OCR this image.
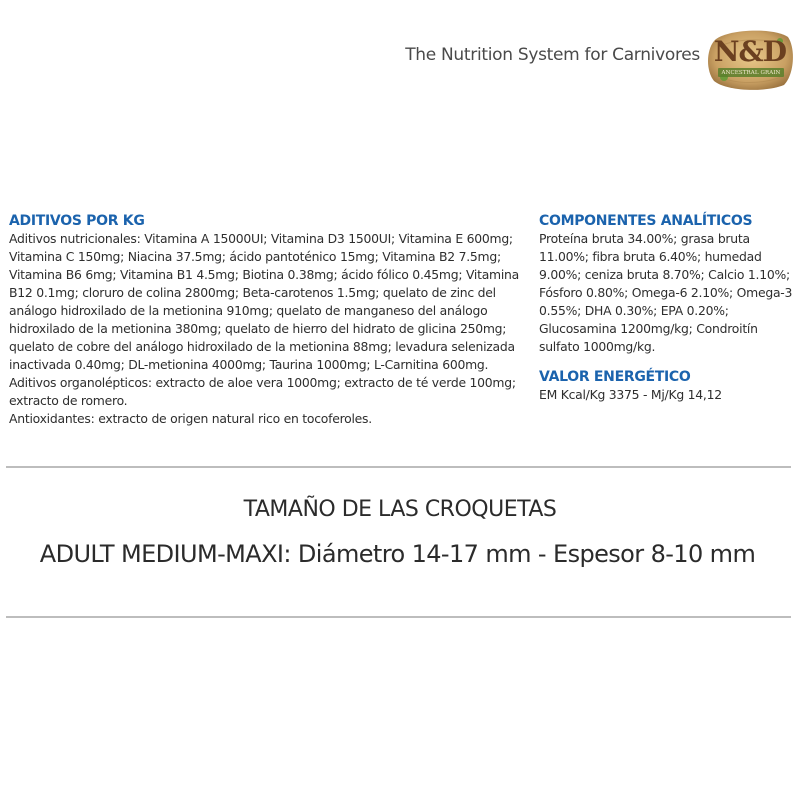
The Nutrition System for Carnivores N&D
ANCESTRAL GRAIN

ADITIVOS POR KG

Aditivos nutricionales: Vitamina A 15000UI; Vitamina D3 1500UI; Vitamina E 600mg; Vitamina C 150mg; Niacina 37.5mg; ácido pantoténico 15mg; Vitamina B2 7.5mg; Vitamina B6 6mg; Vitamina B1 4.5mg; Biotina 0.38mg; ácido fólico 0.45mg; Vitamina B12 0.1mg; cloruro de colina 2800mg; Beta-carotenos 1.5mg; quelato de zinc del análogo hidroxilado de la metionina 910mg; quelato de manganeso del análogo hidroxilado de la metionina 380mg; quelato de hierro del hidrato de glicina 250mg; quelato de cobre del análogo hidroxilado de la metionina 88mg; levadura selenizada inactivada 0.40mg; DL-metionina 4000mg; Taurina 1000mg; L-Carnitina 600mg.

Aditivos organolépticos: extracto de aloe vera 1000mg; extracto de té verde 100mg; extracto de romero.

Antioxidantes: extracto de origen natural rico en tocoferoles.

COMPONENTES ANALÍTICOS

Proteína bruta 34.00%; grasa bruta 11.00%; fibra bruta 6.40%; humedad 9.00%; ceniza bruta 8.70%; Calcio 1.10%; Fósforo 0.80%; Omega-6 2.10%; Omega-3 0.55%; DHA 0.30%; EPA 0.20%; Glucosamina 1200mg/kg; Condroitín sulfato 1000mg/kg.

VALOR ENERGÉTICO

EM Kcal/Kg 3375 - Mj/Kg 14,12

TAMAÑO DE LAS CROQUETAS
ADULT MEDIUM-MAXI: Diámetro 14-17 mm - Espesor 8-10 mm
